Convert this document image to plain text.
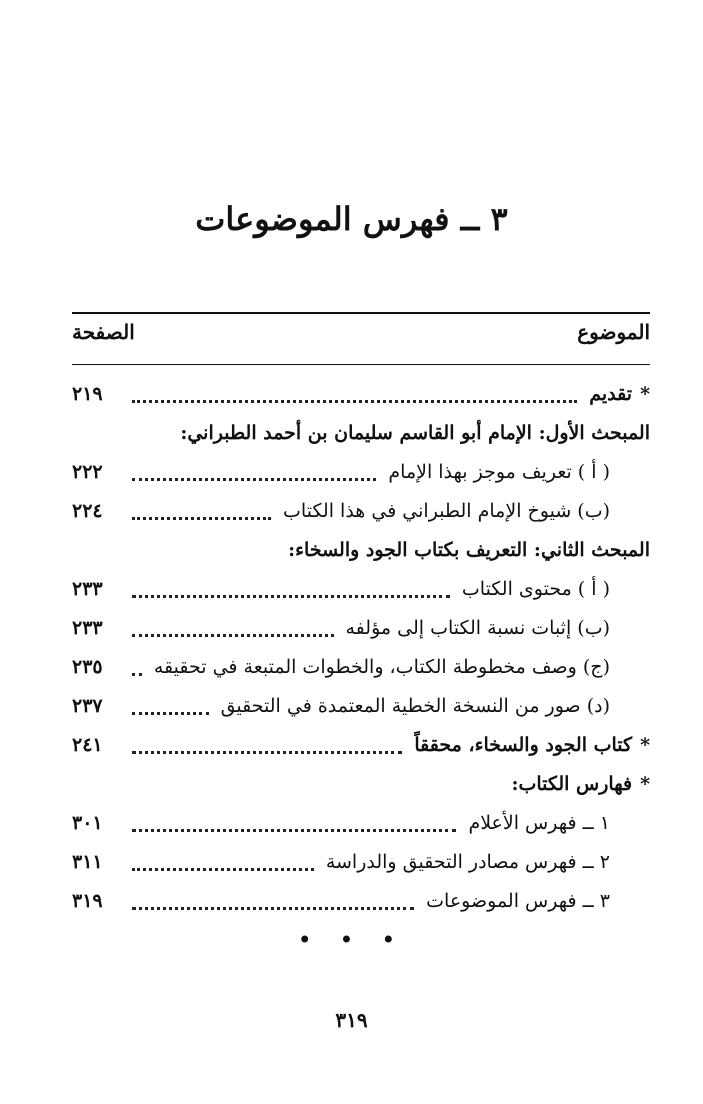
٣ ــ فهرس الموضوعات
الموضوع
الصفحة
*تقديم
٢١٩
المبحث الأول: الإمام أبو القاسم سليمان بن أحمد الطبراني:
( أ ) تعريف موجز بهذا الإمام
٢٢٢
(ب) شيوخ الإمام الطبراني في هذا الكتاب
٢٢٤
المبحث الثاني: التعريف بكتاب الجود والسخاء:
( أ ) محتوى الكتاب
٢٣٣
(ب) إثبات نسبة الكتاب إلى مؤلفه
٢٣٣
(ج) وصف مخطوطة الكتاب، والخطوات المتبعة في تحقيقه
٢٣٥
(د) صور من النسخة الخطية المعتمدة في التحقيق
٢٣٧
*كتاب الجود والسخاء، محققاً
٢٤١
*فهارس الكتاب:
١ ــ فهرس الأعلام
٣٠١
٢ ــ فهرس مصادر التحقيق والدراسة
٣١١
٣ ــ فهرس الموضوعات
٣١٩
• • •
٣١٩
